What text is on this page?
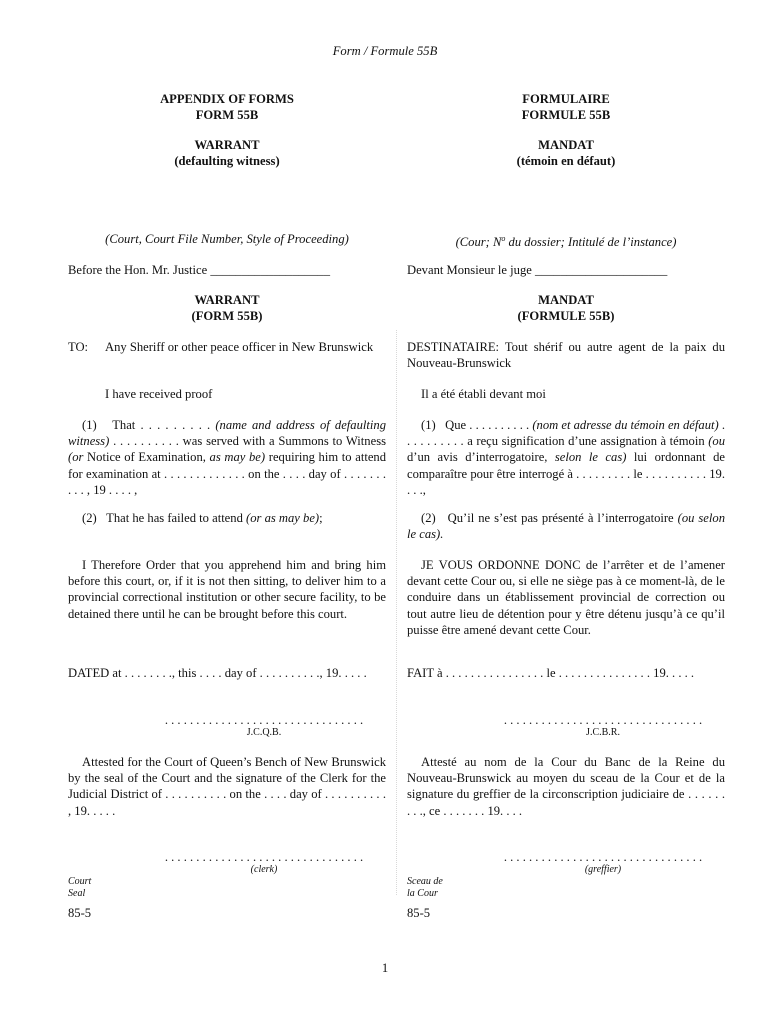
Form / Formule 55B
APPENDIX OF FORMS
FORM 55B
WARRANT
(defaulting witness)
(Court, Court File Number, Style of Proceeding)
Before the Hon. Mr. Justice ___________________
WARRANT
(FORM 55B)
TO:	Any Sheriff or other peace officer in New Brunswick
I have received proof
(1) That . . . . . . . . . (name and address of defaulting witness) . . . . . . . . . . was served with a Summons to Witness (or Notice of Examination, as may be) requiring him to attend for examination at . . . . . . . . . . . . . on the . . . . day of . . . . . . . . . . , 19 . . . . ,
(2) That he has failed to attend (or as may be);
I Therefore Order that you apprehend him and bring him before this court, or, if it is not then sitting, to deliver him to a provincial correctional institution or other secure facility, to be detained there until he can be brought before this court.
DATED at . . . . . . . ., this . . . . day of . . . . . . . . . ., 19. . . . .
. . . . . . . . . . . . . . . . . . . . . . . . . . . . . . . .
J.C.Q.B.
Attested for the Court of Queen’s Bench of New Brunswick by the seal of the Court and the signature of the Clerk for the Judicial District of . . . . . . . . . . on the . . . . day of . . . . . . . . . . , 19. . . . .
. . . . . . . . . . . . . . . . . . . . . . . . . . . . . . . .
(clerk)
Court
Seal
85-5
FORMULAIRE
FORMULE 55B
MANDAT
(témoin en défaut)
(Cour; $N^o$ du dossier; Intitulé de l’instance)
Devant Monsieur le juge _____________________
MANDAT
(FORMULE 55B)
DESTINATAIRE: Tout shérif ou autre agent de la paix du Nouveau-Brunswick
Il a été établi devant moi
(1) Que . . . . . . . . . . (nom et adresse du témoin en défaut) . . . . . . . . . . a reçu signification d’une assignation à témoin (ou d’un avis d’interrogatoire, selon le cas) lui ordonnant de comparaître pour être interrogé à . . . . . . . . . le . . . . . . . . . . 19. . . .,
(2) Qu’il ne s’est pas présenté à l’interrogatoire (ou selon le cas).
JE VOUS ORDONNE DONC de l’arrêter et de l’amener devant cette Cour ou, si elle ne siège pas à ce moment-là, de le conduire dans un établissement provincial de correction ou tout autre lieu de détention pour y être détenu jusqu’à ce qu’il puisse être amené devant cette Cour.
FAIT à . . . . . . . . . . . . . . . . le . . . . . . . . . . . . . . . 19. . . . .
. . . . . . . . . . . . . . . . . . . . . . . . . . . . . . . .
J.C.B.R.
Attesté au nom de la Cour du Banc de la Reine du Nouveau-Brunswick au moyen du sceau de la Cour et de la signature du greffier de la circonscription judiciaire de . . . . . . . . ., ce . . . . . . . 19. . . .
. . . . . . . . . . . . . . . . . . . . . . . . . . . . . . . .
(greffier)
Sceau de
la Cour
85-5
1
